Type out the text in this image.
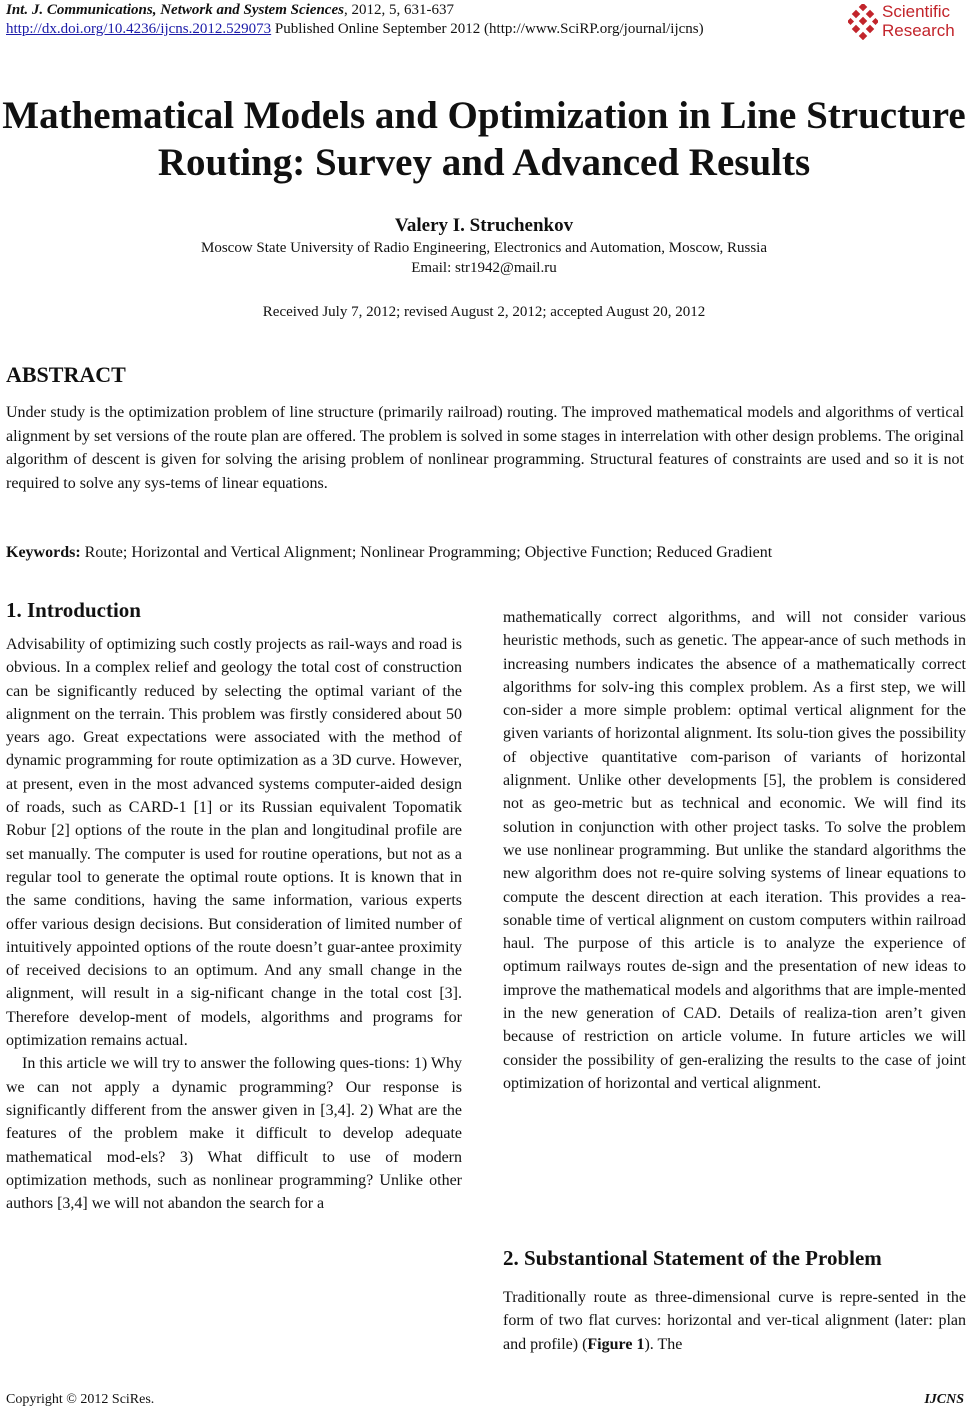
Int. J. Communications, Network and System Sciences, 2012, 5, 631-637
http://dx.doi.org/10.4236/ijcns.2012.529073 Published Online September 2012 (http://www.SciRP.org/journal/ijcns)
Scientific
Research
Mathematical Models and Optimization in Line Structure
Routing: Survey and Advanced Results
Valery I. Struchenkov
Moscow State University of Radio Engineering, Electronics and Automation, Moscow, Russia
Email: str1942@mail.ru
Received July 7, 2012; revised August 2, 2012; accepted August 20, 2012
ABSTRACT
Under study is the optimization problem of line structure (primarily railroad) routing. The improved mathematical models and algorithms of vertical alignment by set versions of the route plan are offered. The problem is solved in some stages in interrelation with other design problems. The original algorithm of descent is given for solving the arising problem of nonlinear programming. Structural features of constraints are used and so it is not required to solve any sys-tems of linear equations.
Keywords: Route; Horizontal and Vertical Alignment; Nonlinear Programming; Objective Function; Reduced Gradient
1. Introduction

Advisability of optimizing such costly projects as rail-ways and road is obvious. In a complex relief and geology the total cost of construction can be significantly reduced by selecting the optimal variant of the alignment on the terrain. This problem was firstly considered about 50 years ago. Great expectations were associated with the method of dynamic programming for route optimization as a 3D curve. However, at present, even in the most advanced systems computer-aided design of roads, such as CARD-1 [1] or its Russian equivalent Topomatik Robur [2] options of the route in the plan and longitudinal profile are set manually. The computer is used for routine operations, but not as a regular tool to generate the optimal route options. It is known that in the same conditions, having the same information, various experts offer various design decisions. But consideration of limited number of intuitively appointed options of the route doesn’t guar-antee proximity of received decisions to an optimum. And any small change in the alignment, will result in a sig-nificant change in the total cost [3]. Therefore develop-ment of models, algorithms and programs for optimization remains actual.

In this article we will try to answer the following ques-tions: 1) Why we can not apply a dynamic programming? Our response is significantly different from the answer given in [3,4]. 2) What are the features of the problem make it difficult to develop adequate mathematical mod-els? 3) What difficult to use of modern optimization methods, such as nonlinear programming? Unlike other authors [3,4] we will not abandon the search for a

mathematically correct algorithms, and will not consider various heuristic methods, such as genetic. The appear-ance of such methods in increasing numbers indicates the absence of a mathematically correct algorithms for solv-ing this complex problem. As a first step, we will con-sider a more simple problem: optimal vertical alignment for the given variants of horizontal alignment. Its solu-tion gives the possibility of objective quantitative com-parison of variants of horizontal alignment. Unlike other developments [5], the problem is considered not as geo-metric but as technical and economic. We will find its solution in conjunction with other project tasks. To solve the problem we use nonlinear programming. But unlike the standard algorithms the new algorithm does not re-quire solving systems of linear equations to compute the descent direction at each iteration. This provides a rea-sonable time of vertical alignment on custom computers within railroad haul. The purpose of this article is to analyze the experience of optimum railways routes de-sign and the presentation of new ideas to improve the mathematical models and algorithms that are imple-mented in the new generation of CAD. Details of realiza-tion aren’t given because of restriction on article volume. In future articles we will consider the possibility of gen-eralizing the results to the case of joint optimization of horizontal and vertical alignment.

2. Substantional Statement of the Problem

Traditionally route as three-dimensional curve is repre-sented in the form of two flat curves: horizontal and ver-tical alignment (later: plan and profile) (Figure 1). The

Copyright © 2012 SciRes.	IJCNS
